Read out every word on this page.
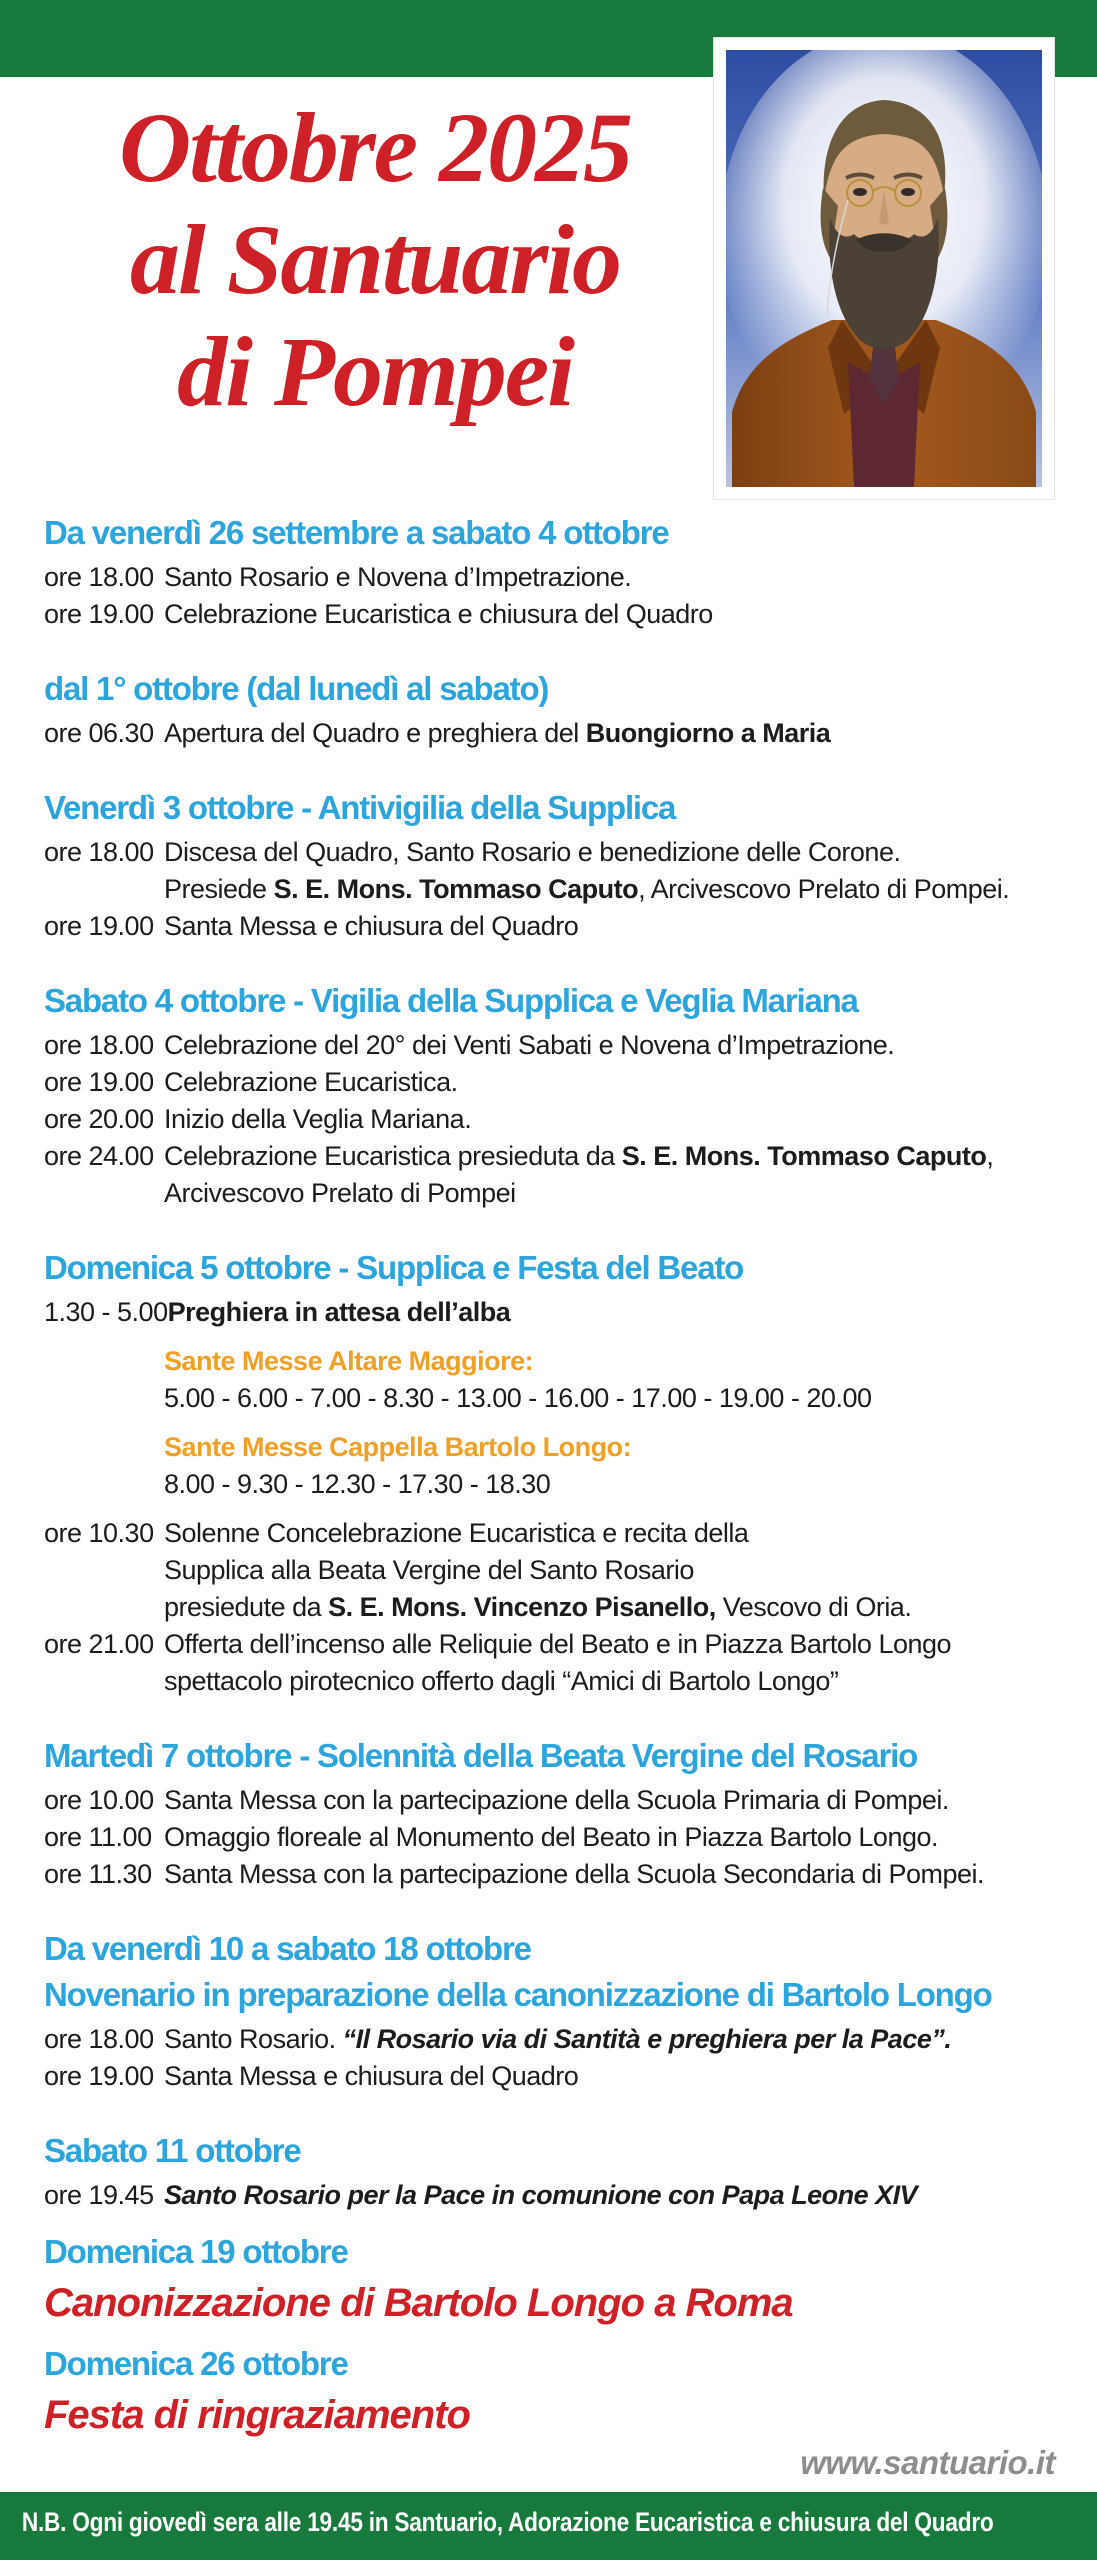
Ottobre 2025
al Santuario
di Pompei
Da venerdì 26 settembre a sabato 4 ottobre
ore 18.00 Santo Rosario e Novena d’Impetrazione.
ore 19.00 Celebrazione Eucaristica e chiusura del Quadro
dal 1° ottobre (dal lunedì al sabato)
ore 06.30 Apertura del Quadro e preghiera del Buongiorno a Maria
Venerdì 3 ottobre - Antivigilia della Supplica
ore 18.00 Discesa del Quadro, Santo Rosario e benedizione delle Corone.
Presiede S. E. Mons. Tommaso Caputo, Arcivescovo Prelato di Pompei.
ore 19.00 Santa Messa e chiusura del Quadro
Sabato 4 ottobre - Vigilia della Supplica e Veglia Mariana
ore 18.00 Celebrazione del 20° dei Venti Sabati e Novena d’Impetrazione.
ore 19.00 Celebrazione Eucaristica.
ore 20.00 Inizio della Veglia Mariana.
ore 24.00 Celebrazione Eucaristica presieduta da S. E. Mons. Tommaso Caputo,
Arcivescovo Prelato di Pompei
Domenica 5 ottobre - Supplica e Festa del Beato
1.30 - 5.00 Preghiera in attesa dell’alba
Sante Messe Altare Maggiore:
5.00 - 6.00 - 7.00 - 8.30 - 13.00 - 16.00 - 17.00 - 19.00 - 20.00
Sante Messe Cappella Bartolo Longo:
8.00 - 9.30 - 12.30 - 17.30 - 18.30
ore 10.30 Solenne Concelebrazione Eucaristica e recita della
Supplica alla Beata Vergine del Santo Rosario
presiedute da S. E. Mons. Vincenzo Pisanello, Vescovo di Oria.
ore 21.00 Offerta dell’incenso alle Reliquie del Beato e in Piazza Bartolo Longo
spettacolo pirotecnico offerto dagli “Amici di Bartolo Longo”
Martedì 7 ottobre - Solennità della Beata Vergine del Rosario
ore 10.00 Santa Messa con la partecipazione della Scuola Primaria di Pompei.
ore 11.00 Omaggio floreale al Monumento del Beato in Piazza Bartolo Longo.
ore 11.30 Santa Messa con la partecipazione della Scuola Secondaria di Pompei.
Da venerdì 10 a sabato 18 ottobre
Novenario in preparazione della canonizzazione di Bartolo Longo
ore 18.00 Santo Rosario. “Il Rosario via di Santità e preghiera per la Pace”.
ore 19.00 Santa Messa e chiusura del Quadro
Sabato 11 ottobre
ore 19.45 Santo Rosario per la Pace in comunione con Papa Leone XIV
Domenica 19 ottobre
Canonizzazione di Bartolo Longo a Roma
Domenica 26 ottobre
Festa di ringraziamento
www.santuario.it
N.B. Ogni giovedì sera alle 19.45 in Santuario, Adorazione Eucaristica e chiusura del Quadro
